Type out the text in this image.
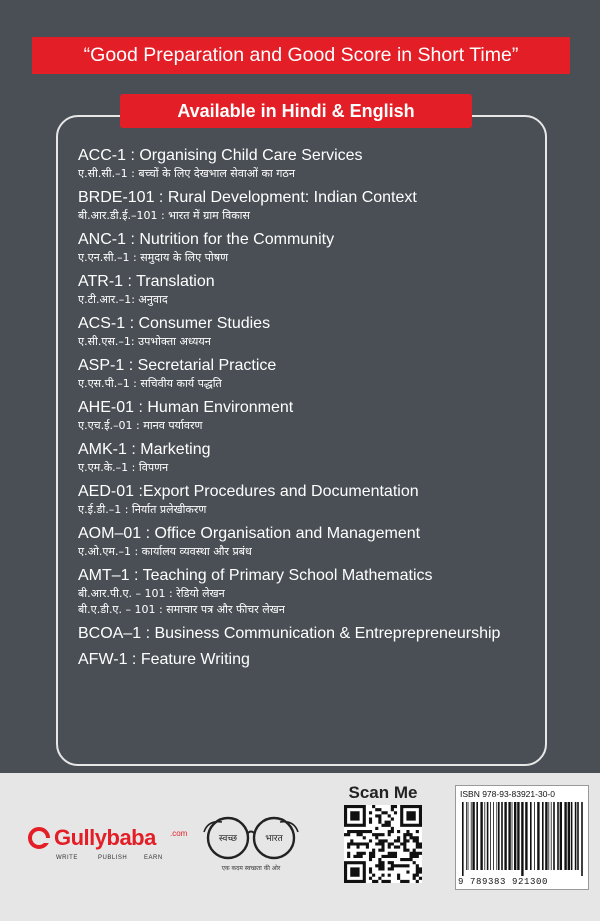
“Good Preparation and Good Score in Short Time”
Available in Hindi & English
ACC-1 : Organising Child Care Services
ए.सी.सी.–1 : बच्चों के लिए देखभाल सेवाओं का गठन
BRDE-101 : Rural Development: Indian Context
बी.आर.डी.ई.–101 : भारत में ग्राम विकास
ANC-1 : Nutrition for the Community
ए.एन.सी.–1 : समुदाय के लिए पोषण
ATR-1 : Translation
ए.टी.आर.–1: अनुवाद
ACS-1 : Consumer Studies
ए.सी.एस.–1: उपभोक्ता अध्ययन
ASP-1 : Secretarial Practice
ए.एस.पी.–1 : सचिवीय कार्य पद्धति
AHE-01 : Human Environment
ए.एच.ई.–01 : मानव पर्यावरण
AMK-1 : Marketing
ए.एम.के.–1 : विपणन
AED-01 :Export Procedures and Documentation
ए.ई.डी.–1 : निर्यात प्रलेखीकरण
AOM–01 : Office Organisation and Management
ए.ओ.एम.–1 : कार्यालय व्यवस्था और प्रबंध
AMT–1 : Teaching of Primary School Mathematics
बी.आर.पी.ए. – 101 : रेडियो लेखन
बी.ए.डी.ए. – 101 : समाचार पत्र और फीचर लेखन
BCOA–1 : Business Communication & Entreprepreneurship
AFW-1 : Feature Writing
Gullybaba .com
WRITE	PUBLISH	EARN
स्वच्छ	भारत
एक कदम स्वच्छता की ओर
Scan Me	ISBN 978-93-83921-30-0
9 789383 921300
